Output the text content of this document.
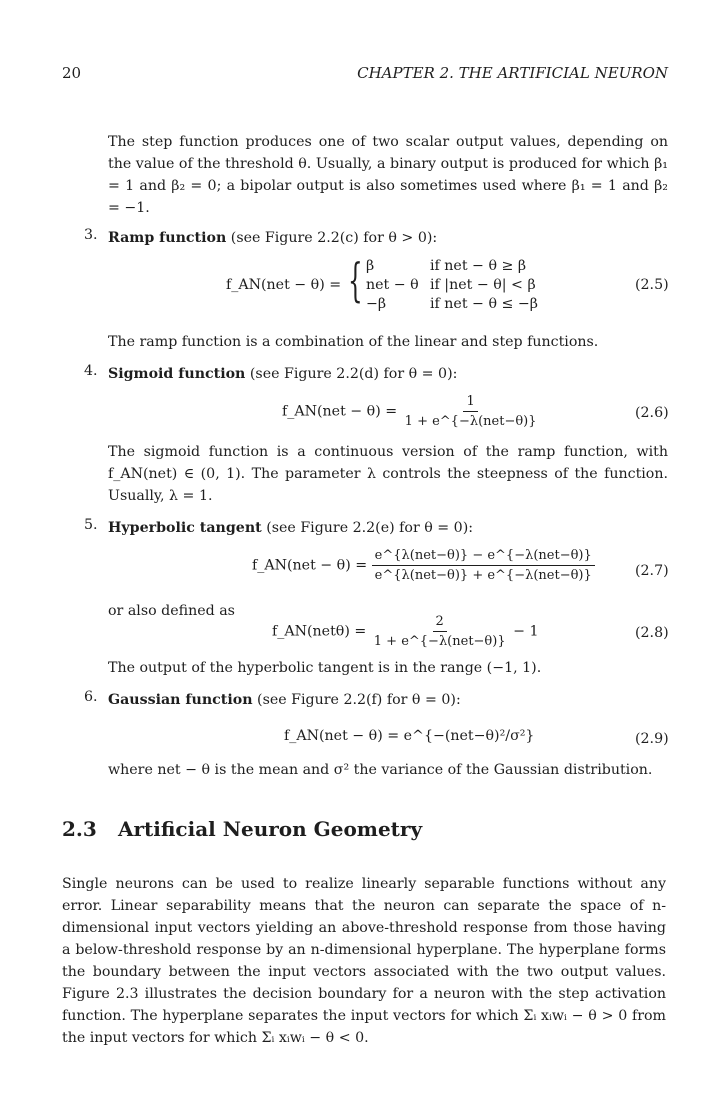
20	CHAPTER 2. THE ARTIFICIAL NEURON

The step function produces one of two scalar output values, depending on the value of the threshold θ. Usually, a binary output is produced for which β₁ = 1 and β₂ = 0; a bipolar output is also sometimes used where β₁ = 1 and β₂ = −1.

3. Ramp function (see Figure 2.2(c) for θ > 0):
f_AN(net − θ) = { β	if net − θ ≥ β
net − θ if |net − θ| < β
−β	if net − θ ≤ −β
(2.5)

The ramp function is a combination of the linear and step functions.

4. Sigmoid function (see Figure 2.2(d) for θ = 0):
f_AN(net − $\theta) = \frac{1}{\text{1 + e\textasciicircum{}\{−λ(net−θ)\}}}$	(2.6)

The sigmoid function is a continuous version of the ramp function, with f_AN(net) ∈ (0, 1). The parameter λ controls the steepness of the function. Usually, λ = 1.

5. Hyperbolic tangent (see Figure 2.2(e) for θ = 0):
f_AN(net − $\theta) = \frac{\text{e\textasciicircum{}\{λ(net−θ)\} − e\textasciicircum{}\{−λ(net−θ)\}}}{\text{e\textasciicircum{}\{λ(net−θ)\} + e\textasciicircum{}\{−λ(net−θ)\}}}$	(2.7)
or also defined as
f_AN(netθ) = $\frac{2}{\text{1 + e\textasciicircum{}\{−λ(net−θ)\}}} - 1$	(2.8)

The output of the hyperbolic tangent is in the range (−1, 1).

6. Gaussian function (see Figure 2.2(f) for θ = 0):
f_AN(net − θ) = e^{−(net−θ)²/σ²}	(2.9)

where net − θ is the mean and σ² the variance of the Gaussian distribution.

2.3 Artificial Neuron Geometry

Single neurons can be used to realize linearly separable functions without any error. Linear separability means that the neuron can separate the space of n-dimensional input vectors yielding an above-threshold response from those having a below-threshold response by an n-dimensional hyperplane. The hyperplane forms the boundary between the input vectors associated with the two output values. Figure 2.3 illustrates the decision boundary for a neuron with the step activation function. The hyperplane separates the input vectors for which Σᵢ xᵢwᵢ − θ > 0 from the input vectors for which Σᵢ xᵢwᵢ − θ < 0.
